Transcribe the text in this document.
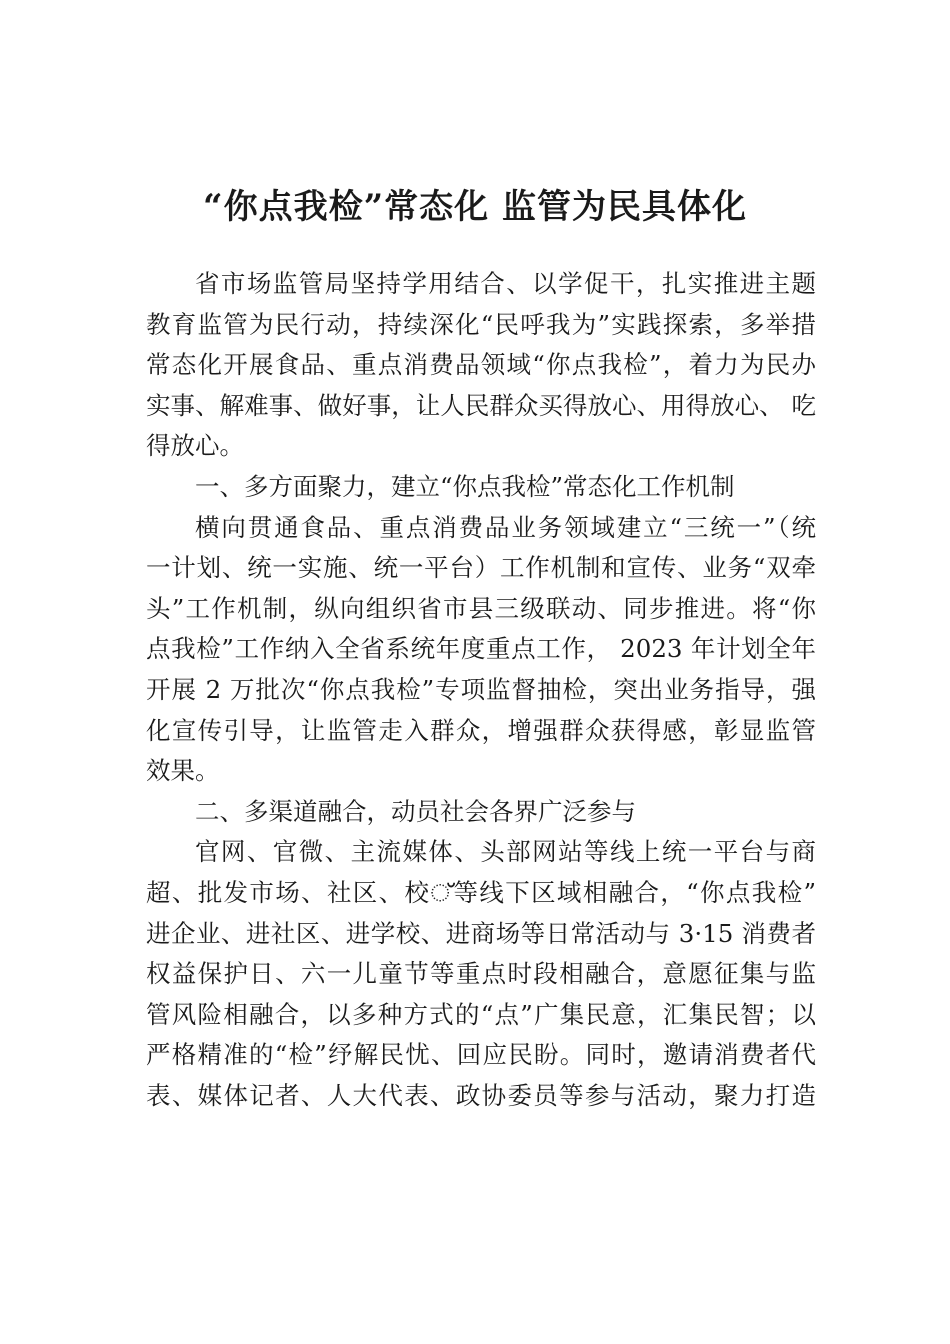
“你点我检”常态化 监管为民具体化
省市场监管局坚持学用结合、以学促干，扎实推进主题
教育监管为民行动，持续深化“民呼我为”实践探索，多举措
常态化开展食品、重点消费品领域“你点我检”，着力为民办
实事、解难事、做好事，让人民群众买得放心、用得放心、 吃
得放心。
一、多方面聚力，建立“你点我检”常态化工作机制
横向贯通食品、重点消费品业务领域建立“三统一”（统
一计划、统一实施、统一平台）工作机制和宣传、业务“双牵
头”工作机制，纵向组织省市县三级联动、同步推进。将“你
点我检”工作纳入全省系统年度重点工作， 2023 年计划全年
开展 2 万批次“你点我检”专项监督抽检，突出业务指导，强
化宣传引导，让监管走入群众，增强群众获得感，彰显监管
效果。
二、多渠道融合，动员社会各界广泛参与
官网、官微、主流媒体、头部网站等线上统一平台与商
超、批发市场、社区、校്等线下区域相融合，“你点我检”
进企业、进社区、进学校、进商场等日常活动与 3·15 消费者
权益保护日、六一儿童节等重点时段相融合，意愿征集与监
管风险相融合，以多种方式的“点”广集民意，汇集民智；以
严格精准的“检”纾解民忧、回应民盼。同时，邀请消费者代
表、媒体记者、人大代表、政协委员等参与活动，聚力打造
